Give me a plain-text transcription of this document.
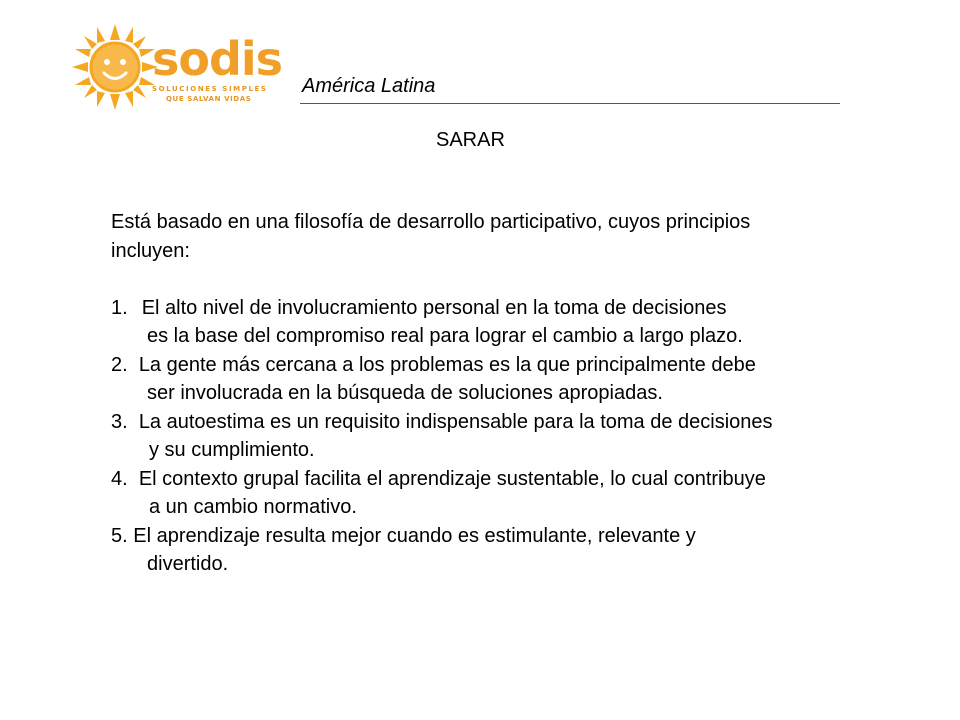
sodis
SOLUCIONES SIMPLES
QUE SALVAN VIDAS
América Latina
SARAR

Está basado en una filosofía de desarrollo participativo, cuyos principios

incluyen:

1. El alto nivel de involucramiento personal en la toma de decisiones
es la base del compromiso real para lograr el cambio a largo plazo.
2. La gente más cercana a los problemas es la que principalmente debe
ser involucrada en la búsqueda de soluciones apropiadas.
3. La autoestima es un requisito indispensable para la toma de decisiones
y su cumplimiento.
4. El contexto grupal facilita el aprendizaje sustentable, lo cual contribuye
a un cambio normativo.
5. El aprendizaje resulta mejor cuando es estimulante, relevante y
divertido.
